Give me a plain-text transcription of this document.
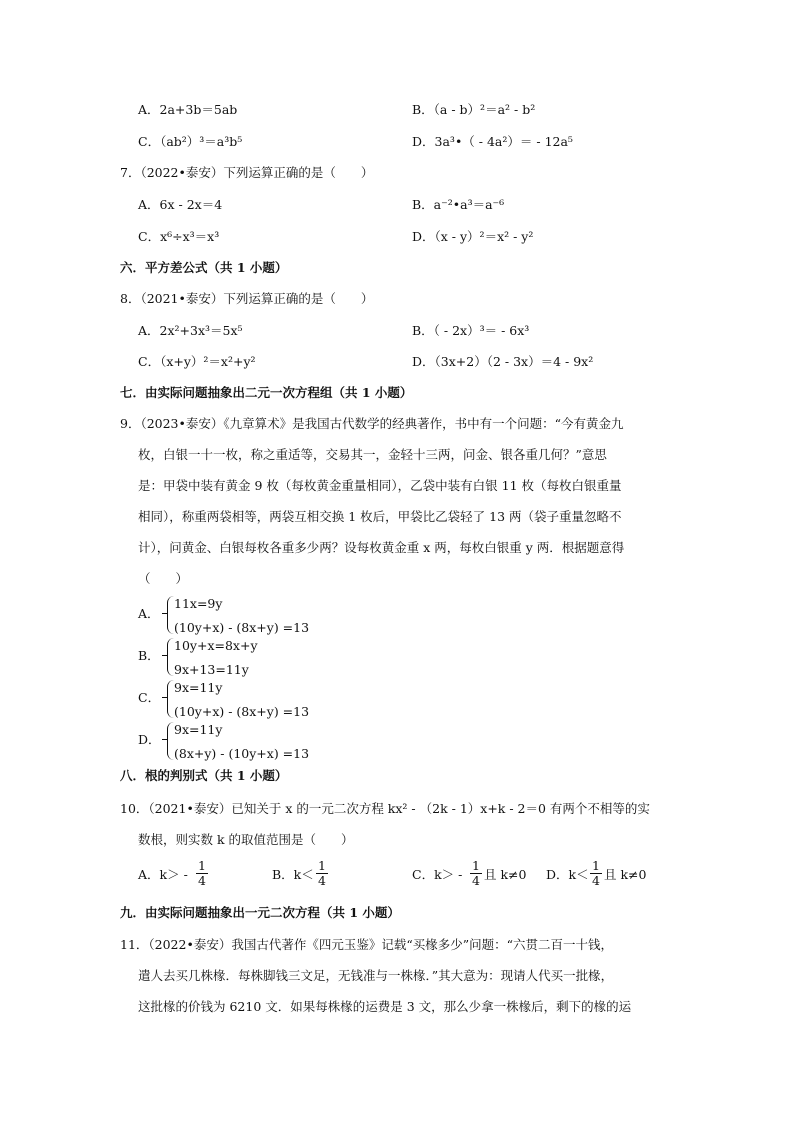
A．2a+3b＝5ab	B．（a - b）²＝a² - b²
C．（ab²）³＝a³b⁵	D．3a³•（ - 4a²）＝ - 12a⁵
7．（2022•泰安）下列运算正确的是（　　）
A．6x - 2x＝4	B．a⁻²•a³＝a⁻⁶
C．x⁶÷x³＝x³	D．（x - y）²＝x² - y²
六．平方差公式（共 1 小题）
8．（2021•泰安）下列运算正确的是（　　）
A．2x²+3x³＝5x⁵	B．（ - 2x）³＝ - 6x³
C．（x+y）²＝x²+y²	D．（3x+2）（2 - 3x）＝4 - 9x²
七．由实际问题抽象出二元一次方程组（共 1 小题）
9．（2023•泰安）《九章算术》是我国古代数学的经典著作，书中有一个问题：“今有黄金九
枚，白银一十一枚，称之重适等，交易其一，金轻十三两，问金、银各重几何？”意思
是：甲袋中装有黄金 9 枚（每枚黄金重量相同），乙袋中装有白银 11 枚（每枚白银重量
相同），称重两袋相等，两袋互相交换 1 枚后，甲袋比乙袋轻了 13 两（袋子重量忽略不
计），问黄金、白银每枚各重多少两？设每枚黄金重 x 两，每枚白银重 y 两．根据题意得
（　　）
A．
11x=9y
(10y+x) - (8x+y) =13
B．
10y+x=8x+y
9x+13=11y
C．
9x=11y
(10y+x) - (8x+y) =13
D．
9x=11y
(8x+y) - (10y+x) =13
八．根的判别式（共 1 小题）
10．（2021•泰安）已知关于 x 的一元二次方程 kx² - （2k - 1）x+k - 2＝0 有两个不相等的实
数根，则实数 k 的取值范围是（　　）
A．$k> - \frac{1}{4}$	B．$k< \frac{1}{4}$	C．$k> - \frac{1}{4}$ 且 k≠0 D．$k< \frac{1}{4}$ 且 k≠0
九．由实际问题抽象出一元二次方程（共 1 小题）
11．（2022•泰安）我国古代著作《四元玉鉴》记载“买椽多少”问题：“六贯二百一十钱，
遣人去买几株椽．每株脚钱三文足，无钱准与一株椽．”其大意为：现请人代买一批椽，
这批椽的价钱为 6210 文．如果每株椽的运费是 3 文，那么少拿一株椽后，剩下的椽的运
